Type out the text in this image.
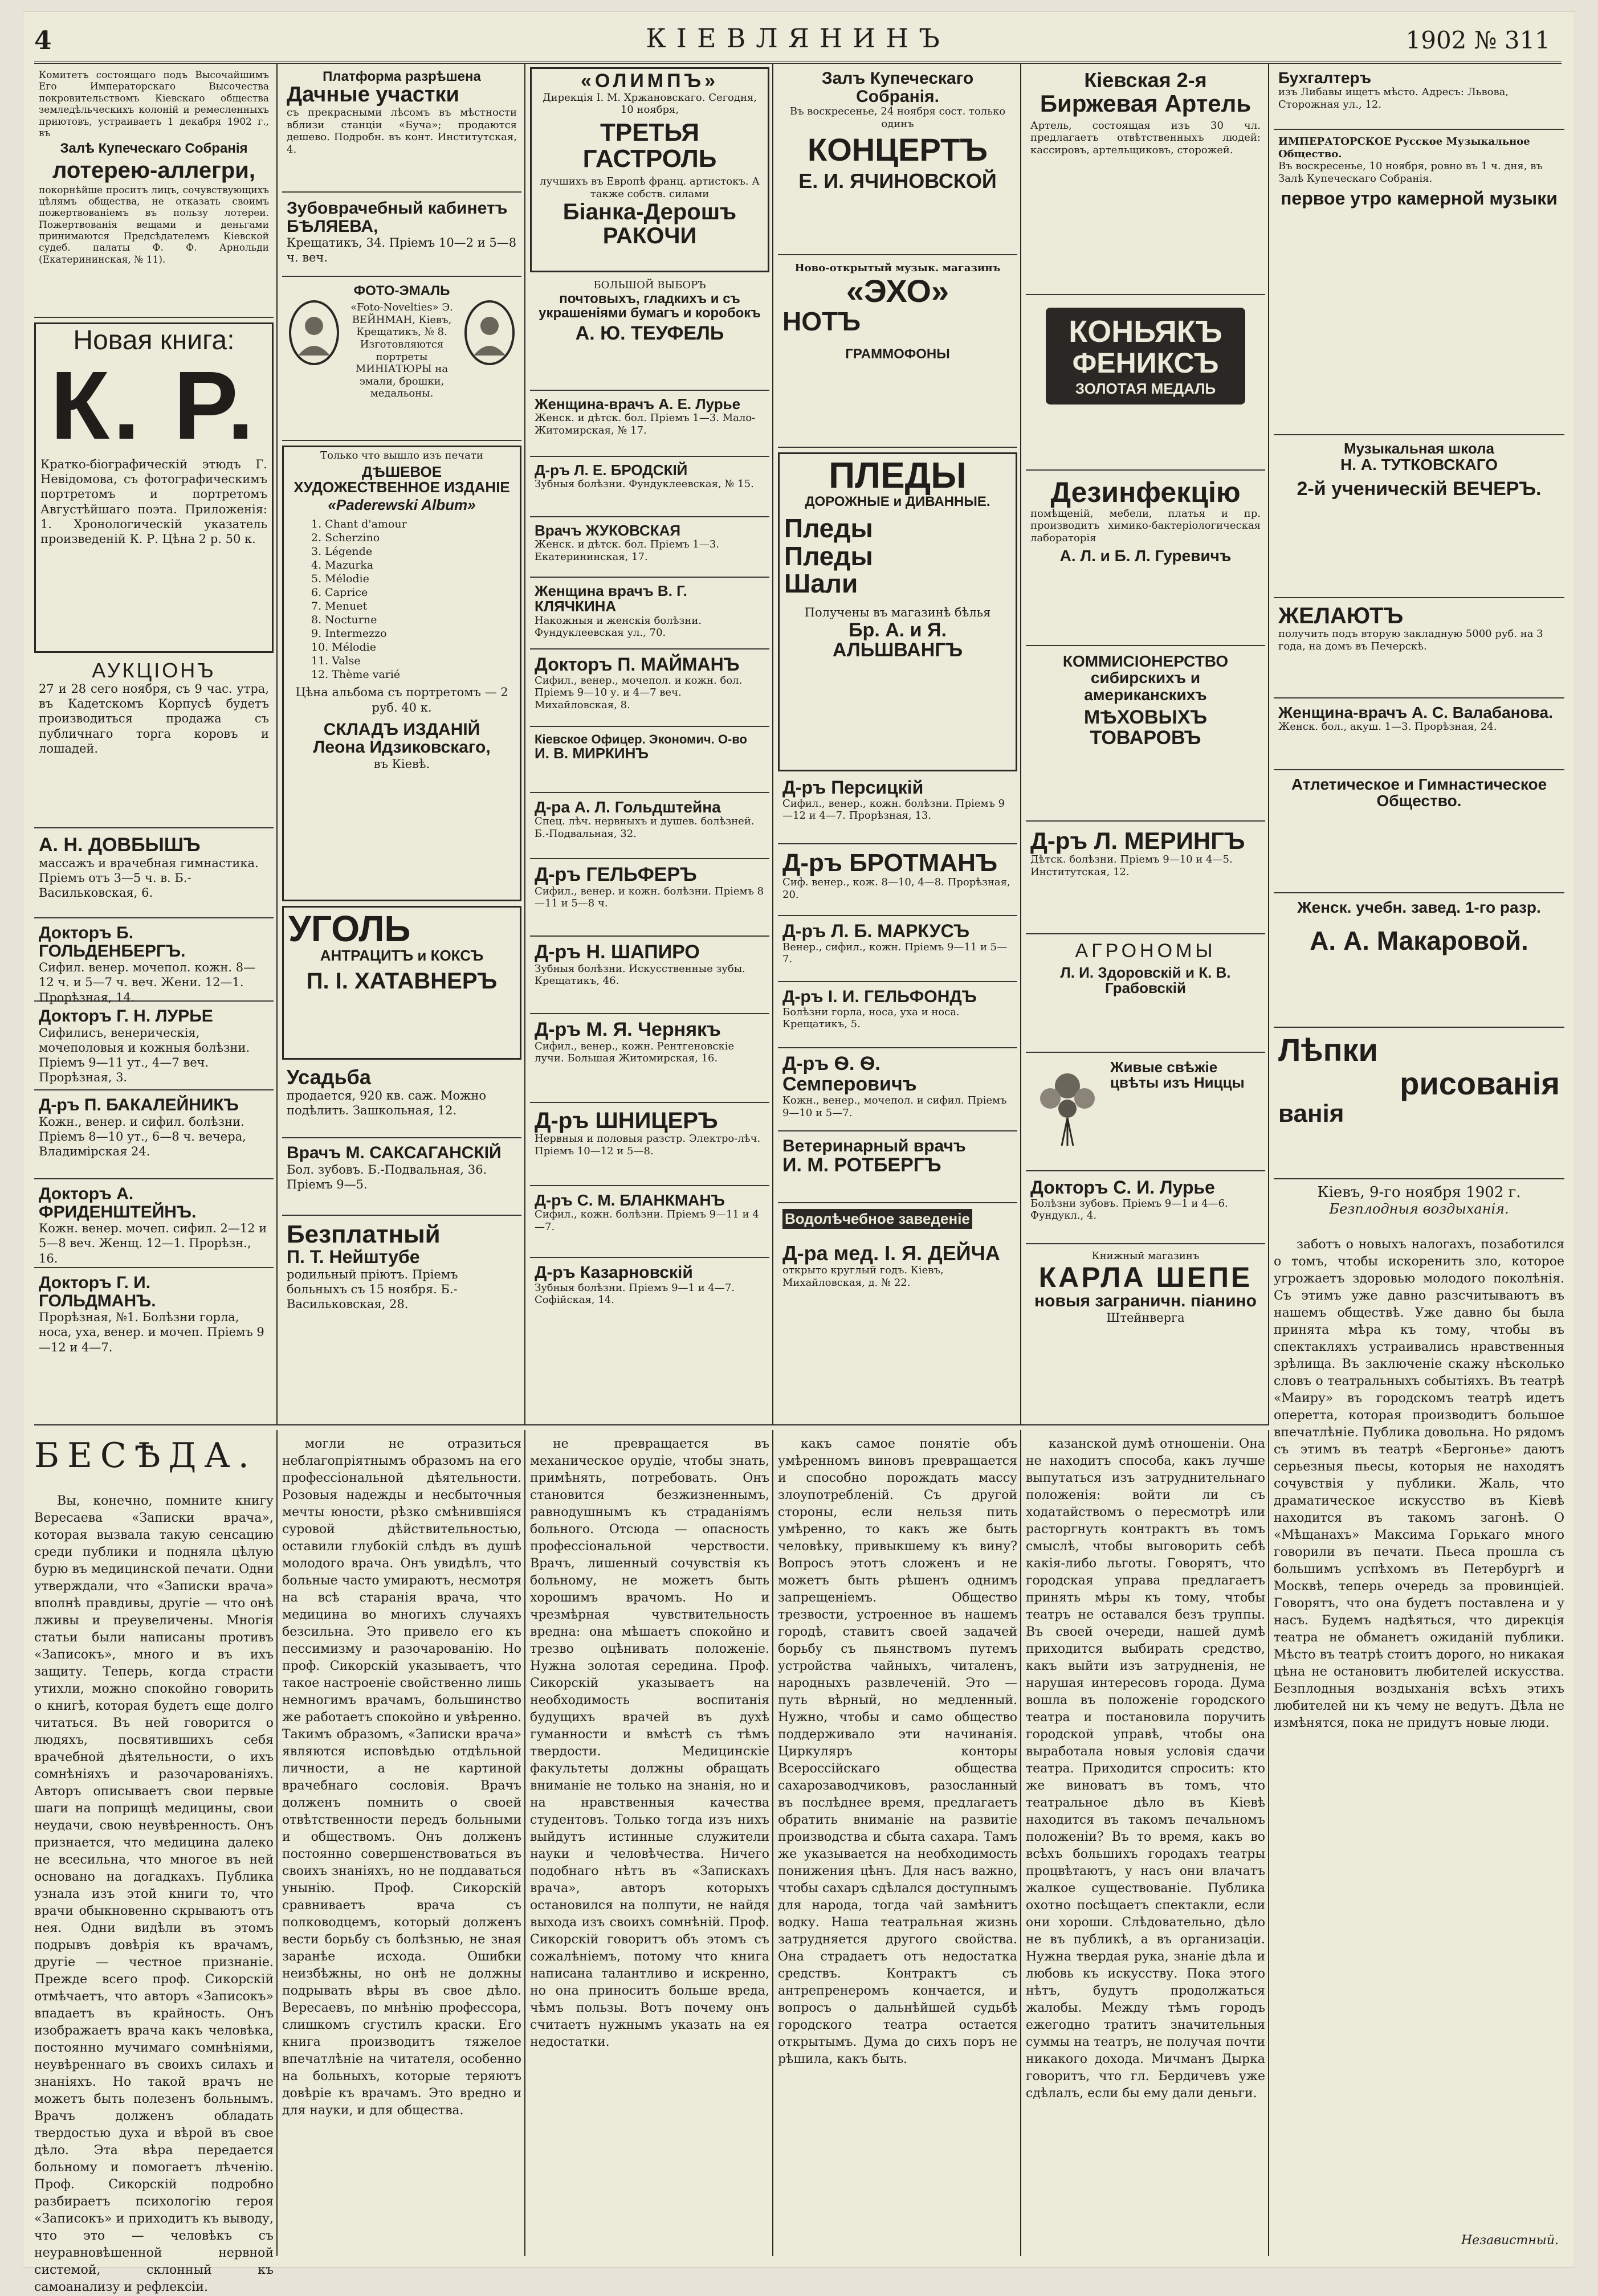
4	КІЕВЛЯНИНЪ	1902 № 311
Комитетъ состоящаго подъ Высочайшимъ Его Императорскаго Высочества покровительствомъ Кiевскаго общества земледѣльческихъ колоній и ремесленныхъ приютовъ, устраиваетъ 1 декабря 1902 г., въ
Залѣ Купеческаго Собранія
лотерею-аллегри,
покорнѣйше проситъ лицъ, сочувствующихъ цѣлямъ общества, не отказать своимъ пожертвованіемъ въ пользу лотереи. Пожертвованія вещами и деньгами принимаются Предсѣдателемъ Кіевской судеб. палаты Ф. Ф. Арнольди (Екатерининская, № 11).
Новая книга:
К. Р.
Кратко-біографическій этюдъ Г. Невідомова, съ фотографическимъ портретомъ и портретомъ Августѣйшаго поэта. Приложенія: 1. Хронологическій указатель произведеній К. Р. Цѣна 2 р. 50 к.
АУКЦІОНЪ
27 и 28 сего ноября, съ 9 час. утра, въ Кадетскомъ Корпусѣ будетъ производиться продажа съ публичнаго торга коровъ и лошадей.
А. Н. ДОВБЫШЪ
массажъ и врачебная гимнастика. Пріемъ отъ 3—5 ч. в. Б.-Васильковская, 6.
Докторъ Б. ГОЛЬДЕНБЕРГЪ.
Сифил. венер. мочепол. кожн. 8—12 ч. и 5—7 ч. веч. Жени. 12—1. Прорѣзная, 14.
Докторъ Г. Н. ЛУРЬЕ
Сифилисъ, венерическія, мочеполовыя и кожныя болѣзни. Пріемъ 9—11 ут., 4—7 веч. Прорѣзная, 3.
Д-ръ П. БАКАЛЕЙНИКЪ
Кожн., венер. и сифил. болѣзни. Пріемъ 8—10 ут., 6—8 ч. вечера, Владимірская 24.
Докторъ А. ФРИДЕНШТЕЙНЪ.
Кожн. венер. мочеп. сифил. 2—12 и 5—8 веч. Женщ. 12—1. Прорѣзн., 16.
Докторъ Г. И. ГОЛЬДМАНЪ.
Прорѣзная, №1. Болѣзни горла, носа, уха, венер. и мочеп. Пріемъ 9—12 и 4—7.
Платформа разрѣшена
Дачные участки
съ прекрасными лѣсомъ въ мѣстности вблизи станціи «Буча»; продаются дешево. Подробн. въ конт. Институтская, 4.
Зубоврачебный кабинетъ БѢЛЯЕВА,
Крещатикъ, 34. Пріемъ 10—2 и 5—8 ч. веч.
ФОТО-ЭМАЛЬ
«Foto-Novelties» Э. ВЕЙНМАН, Кіевъ, Крещатикъ, № 8. Изготовляются портреты МИНІАТЮРЫ на эмали, брошки, медальоны.
Только что вышло изъ печати
ДѢШЕВОЕ ХУДОЖЕСТВЕННОЕ ИЗДАНІЕ
«Paderewski Album»
1. Chant d'amour
2. Scherzino
3. Légende
4. Mazurka
5. Mélodie
6. Caprice
7. Menuet
8. Nocturne
9. Intermezzo
10. Mélodie
11. Valse
12. Thème varié
Цѣна альбома съ портретомъ — 2 руб. 40 к.
СКЛАДЪ ИЗДАНІЙ
Леона Идзиковскаго,
въ Кіевѣ.
УГОЛЬ
АНТРАЦИТЪ и КОКСЪ
П. І. ХАТАВНЕРЪ
Усадьба
продается, 920 кв. саж. Можно подѣлить. Зашкольная, 12.
Врачъ М. САКСАГАНСКІЙ
Бол. зубовъ. Б.-Подвальная, 36. Пріемъ 9—5.
Безплатный
П. Т. Нейштубе
родильный пріютъ. Пріемъ больныхъ съ 15 ноября. Б.-Васильковская, 28.
«ОЛИМПЪ»
Дирекція І. М. Хржановскаго. Сегодня, 10 ноября,
ТРЕТЬЯ ГАСТРОЛЬ
лучшихъ въ Европѣ франц. артистокъ. А также собств. силами
Біанка-Дерошъ
РАКОЧИ
БОЛЬШОЙ ВЫБОРЪ
почтовыхъ, гладкихъ и съ украшеніями бумагъ и коробокъ
А. Ю. ТЕУФЕЛЬ
Женщина-врачъ А. Е. Лурье
Женск. и дѣтск. бол. Пріемъ 1—3. Мало-Житомирская, № 17.
Д-ръ Л. Е. БРОДСКІЙ
Зубныя болѣзни. Фундуклеевская, № 15.
Врачъ ЖУКОВСКАЯ
Женск. и дѣтск. бол. Пріемъ 1—3. Екатерининская, 17.
Женщина врачъ В. Г. КЛЯЧКИНА
Накожныя и женскія болѣзни. Фундуклеевская ул., 70.
Докторъ П. МАЙМАНЪ
Сифил., венер., мочепол. и кожн. бол. Пріемъ 9—10 у. и 4—7 веч. Михайловская, 8.
Кіевское Офицер. Экономич. О-во
И. В. МИРКИНЪ
Д-ра А. Л. Гольдштейна
Спец. лѣч. нервныхъ и душев. болѣзней. Б.-Подвальная, 32.
Д-ръ ГЕЛЬФЕРЪ
Сифил., венер. и кожн. болѣзни. Пріемъ 8—11 и 5—8 ч.
Д-ръ Н. ШАПИРО
Зубныя болѣзни. Искусственные зубы. Крещатикъ, 46.
Д-ръ М. Я. Чернякъ
Сифил., венер., кожн. Рентгеновскіе лучи. Большая Житомирская, 16.
Д-ръ ШНИЦЕРЪ
Нервныя и половыя разстр. Электро-лѣч. Пріемъ 10—12 и 5—8.
Д-ръ С. М. БЛАНКМАНЪ
Сифил., кожн. болѣзни. Пріемъ 9—11 и 4—7.
Д-ръ Казарновскій
Зубныя болѣзни. Пріемъ 9—1 и 4—7. Софійская, 14.
Залъ Купеческаго Собранія.
Въ воскресенье, 24 ноября сост. только одинъ
КОНЦЕРТЪ
Е. И. ЯЧИНОВСКОЙ
Ново-открытый музык. магазинъ
«ЭХО»
НОТЪ
ГРАММОФОНЫ
ПЛЕДЫ
ДОРОЖНЫЕ и ДИВАННЫЕ.
Пледы
Пледы
Шали
Получены въ магазинѣ бѣлья
Бр. А. и Я. АЛЬШВАНГЪ
Д-ръ Персицкій
Сифил., венер., кожн. болѣзни. Пріемъ 9—12 и 4—7. Прорѣзная, 13.
Д-ръ БРОТМАНЪ
Сиф. венер., кож. 8—10, 4—8. Прорѣзная, 20.
Д-ръ Л. Б. МАРКУСЪ
Венер., сифил., кожн. Пріемъ 9—11 и 5—7.
Д-ръ І. И. ГЕЛЬФОНДЪ
Болѣзни горла, носа, уха и носа. Крещатикъ, 5.
Д-ръ Ѳ. Ѳ. Семперовичъ
Кожн., венер., мочепол. и сифил. Пріемъ 9—10 и 5—7.
Ветеринарный врачъ
И. М. РОТБЕРГЪ
Водолѣчебное заведеніе
Д-ра мед. І. Я. ДЕЙЧА
открыто круглый годъ. Кіевъ, Михайловская, д. № 22.
Кіевская 2-я
Биржевая Артель
Артель, состоящая изъ 30 чл. предлагаетъ отвѣтственныхъ людей: кассировъ, артельщиковъ, сторожей.
КОНЬЯКЪ
ФЕНИКСЪ
ЗОЛОТАЯ МЕДАЛЬ
Дезинфекцію
помѣщеній, мебели, платья и пр. производитъ химико-бактеріологическая лабораторія
А. Л. и Б. Л. Гуревичъ
КОММИСІОНЕРСТВО
сибирскихъ и американскихъ
МѢХОВЫХЪ ТОВАРОВЪ
Д-ръ Л. МЕРИНГЪ
Дѣтск. болѣзни. Пріемъ 9—10 и 4—5. Институтская, 12.
АГРОНОМЫ
Л. И. Здоровскій и К. В. Грабовскій
Живые свѣжіе цвѣты изъ Ниццы
Докторъ С. И. Лурье
Болѣзни зубовъ. Пріемъ 9—1 и 4—6. Фундукл., 4.
Книжный магазинъ
КАРЛА ШЕПЕ
новыя заграничн. піанино
Штейнверга
Бухгалтеръ
изъ Либавы ищетъ мѣсто. Адресъ: Львова, Сторожная ул., 12.
ИМПЕРАТОРСКОЕ Русское Музыкальное Общество.
Въ воскресенье, 10 ноября, ровно въ 1 ч. дня, въ Залѣ Купеческаго Собранія.
первое утро камерной музыки
Музыкальная школа
Н. А. ТУТКОВСКАГО
2-й ученическій ВЕЧЕРЪ.
ЖЕЛАЮТЪ
получить подъ вторую закладную 5000 руб. на 3 года, на домъ въ Печерскѣ.
Женщина-врачъ А. С. Валабанова.
Женск. бол., акуш. 1—3. Прорѣзная, 24.
Атлетическое и Гимнастическое
Общество.
Женск. учебн. завед. 1-го разр.
А. А. Макаровой.
Лѣпки
рисованія
ванія
Кіевъ, 9-го ноября 1902 г.
Безплодныя воздыханія.
БЕСѢДА.

Вы, конечно, помните книгу Вересаева «Записки врача», которая вызвала такую сенсацию среди публики и подняла цѣлую бурю въ медицинской печати. Одни утверждали, что «Записки врача» вполнѣ правдивы, другіе — что онѣ лживы и преувеличены. Многія статьи были написаны противъ «Записокъ», много и въ ихъ защиту. Теперь, когда страсти утихли, можно спокойно говорить о книгѣ, которая будетъ еще долго читаться. Въ ней говорится о людяхъ, посвятившихъ себя врачебной дѣятельности, о ихъ сомнѣніяхъ и разочарованіяхъ. Авторъ описываетъ свои первые шаги на поприщѣ медицины, свои неудачи, свою неувѣренность. Онъ признается, что медицина далеко не всесильна, что многое въ ней основано на догадкахъ. Публика узнала изъ этой книги то, что врачи обыкновенно скрываютъ отъ нея. Одни видѣли въ этомъ подрывъ довѣрія къ врачамъ, другіе — честное признаніе. Прежде всего проф. Сикорскій отмѣчаетъ, что авторъ «Записокъ» впадаетъ въ крайность. Онъ изображаетъ врача какъ человѣка, постоянно мучимаго сомнѣніями, неувѣреннаго въ своихъ силахъ и знаніяхъ. Но такой врачъ не можетъ быть полезенъ больнымъ. Врачъ долженъ обладать твердостью духа и вѣрой въ свое дѣло. Эта вѣра передается больному и помогаетъ лѣченію. Проф. Сикорскій подробно разбираетъ психологію героя «Записокъ» и приходитъ къ выводу, что это — человѣкъ съ неуравновѣшенной нервной системой, склонный къ самоанализу и рефлексіи.

могли не отразиться неблагопріятнымъ образомъ на его профессіональной дѣятельности. Розовыя надежды и несбыточныя мечты юности, рѣзко смѣнившіяся суровой дѣйствительностью, оставили глубокій слѣдъ въ душѣ молодого врача. Онъ увидѣлъ, что больные часто умираютъ, несмотря на всѣ старанія врача, что медицина во многихъ случаяхъ безсильна. Это привело его къ пессимизму и разочарованію. Но проф. Сикорскій указываетъ, что такое настроеніе свойственно лишь немногимъ врачамъ, большинство же работаетъ спокойно и увѣренно. Такимъ образомъ, «Записки врача» являются исповѣдью отдѣльной личности, а не картиной врачебнаго сословія. Врачъ долженъ помнить о своей отвѣтственности передъ больными и обществомъ. Онъ долженъ постоянно совершенствоваться въ своихъ знаніяхъ, но не поддаваться унынію. Проф. Сикорскій сравниваетъ врача съ полководцемъ, который долженъ вести борьбу съ болѣзнью, не зная заранѣе исхода. Ошибки неизбѣжны, но онѣ не должны подрывать вѣры въ свое дѣло. Вересаевъ, по мнѣнію профессора, слишкомъ сгустилъ краски. Его книга производитъ тяжелое впечатлѣніе на читателя, особенно на больныхъ, которые теряютъ довѣріе къ врачамъ. Это вредно и для науки, и для общества.

не превращается въ механическое орудіе, чтобы знать, примѣнять, потребовать. Онъ становится безжизненнымъ, равнодушнымъ къ страданіямъ больного. Отсюда — опасность профессіональной черствости. Врачъ, лишенный сочувствія къ больному, не можетъ быть хорошимъ врачомъ. Но и чрезмѣрная чувствительность вредна: она мѣшаетъ спокойно и трезво оцѣнивать положеніе. Нужна золотая середина. Проф. Сикорскій указываетъ на необходимость воспитанія будущихъ врачей въ духѣ гуманности и вмѣстѣ съ тѣмъ твердости. Медицинскіе факультеты должны обращать вниманіе не только на знанія, но и на нравственныя качества студентовъ. Только тогда изъ нихъ выйдутъ истинные служители науки и человѣчества. Ничего подобнаго нѣтъ въ «Запискахъ врача», авторъ которыхъ остановился на полпути, не найдя выхода изъ своихъ сомнѣній. Проф. Сикорскій говоритъ объ этомъ съ сожалѣніемъ, потому что книга написана талантливо и искренно, но она приноситъ больше вреда, чѣмъ пользы. Вотъ почему онъ считаетъ нужнымъ указать на ея недостатки.

какъ самое понятіе объ умѣренномъ виновъ превращается и способно порождать массу злоупотребленій. Съ другой стороны, если нельзя пить умѣренно, то какъ же быть человѣку, привыкшему къ вину? Вопросъ этотъ сложенъ и не можетъ быть рѣшенъ однимъ запрещеніемъ. Общество трезвости, устроенное въ нашемъ городѣ, ставитъ своей задачей борьбу съ пьянствомъ путемъ устройства чайныхъ, читаленъ, народныхъ развлеченій. Это — путь вѣрный, но медленный. Нужно, чтобы и само общество поддерживало эти начинанія. Циркуляръ конторы Всероссійскаго общества сахарозаводчиковъ, разосланный въ послѣднее время, предлагаетъ обратить вниманіе на развитіе производства и сбыта сахара. Тамъ же указывается на необходимость понижения цѣнъ. Для насъ важно, чтобы сахаръ сдѣлался доступнымъ для народа, тогда чай замѣнитъ водку. Наша театральная жизнь затрудняется другого свойства. Она страдаетъ отъ недостатка средствъ. Контрактъ съ антрепренеромъ кончается, и вопросъ о дальнѣйшей судьбѣ городского театра остается открытымъ. Дума до сихъ поръ не рѣшила, какъ быть.

казанской думѣ отношеніи. Она не находитъ способа, какъ лучше выпутаться изъ затруднительнаго положенія: войти ли съ ходатайствомъ о пересмотрѣ или расторгнуть контрактъ въ томъ смыслѣ, чтобы выговорить себѣ какія-либо льготы. Говорятъ, что городская управа предлагаетъ принять мѣры къ тому, чтобы театръ не оставался безъ труппы. Въ своей очереди, нашей думѣ приходится выбирать средство, какъ выйти изъ затрудненія, не нарушая интересовъ города. Дума вошла въ положеніе городского театра и постановила поручить городской управѣ, чтобы она выработала новыя условія сдачи театра. Приходится спросить: кто же виноватъ въ томъ, что театральное дѣло въ Кіевѣ находится въ такомъ печальномъ положеніи? Въ то время, какъ во всѣхъ большихъ городахъ театры процвѣтаютъ, у насъ они влачатъ жалкое существованіе. Публика охотно посѣщаетъ спектакли, если они хороши. Слѣдовательно, дѣло не въ публикѣ, а въ организаціи. Нужна твердая рука, знаніе дѣла и любовь къ искусству. Пока этого нѣтъ, будутъ продолжаться жалобы. Между тѣмъ городъ ежегодно тратитъ значительныя суммы на театръ, не получая почти никакого дохода. Мичманъ Дырка говоритъ, что гл. Бердичевъ уже сдѣлалъ, если бы ему дали деньги.

заботъ о новыхъ налогахъ, позаботился о томъ, чтобы искоренить зло, которое угрожаетъ здоровью молодого поколѣнія. Съ этимъ уже давно разсчитываютъ въ нашемъ обществѣ. Уже давно бы была принята мѣра къ тому, чтобы въ спектакляхъ устраивались нравственныя зрѣлища. Въ заключеніе скажу нѣсколько словъ о театральныхъ событіяхъ. Въ театрѣ «Маиру» въ городскомъ театрѣ идетъ оперетта, которая производитъ большое впечатлѣніе. Публика довольна. Но рядомъ съ этимъ въ театрѣ «Бергонье» даютъ серьезныя пьесы, которыя не находятъ сочувствія у публики. Жаль, что драматическое искусство въ Кіевѣ находится въ такомъ загонѣ. О «Мѣщанахъ» Максима Горькаго много говорили въ печати. Пьеса прошла съ большимъ успѣхомъ въ Петербургѣ и Москвѣ, теперь очередь за провинціей. Говорятъ, что она будетъ поставлена и у насъ. Будемъ надѣяться, что дирекція театра не обманетъ ожиданій публики. Мѣсто въ театрѣ стоитъ дорого, но никакая цѣна не остановитъ любителей искусства. Безплодныя воздыханія всѣхъ этихъ любителей ни къ чему не ведутъ. Дѣла не измѣнятся, пока не придутъ новые люди.

Независтный.
